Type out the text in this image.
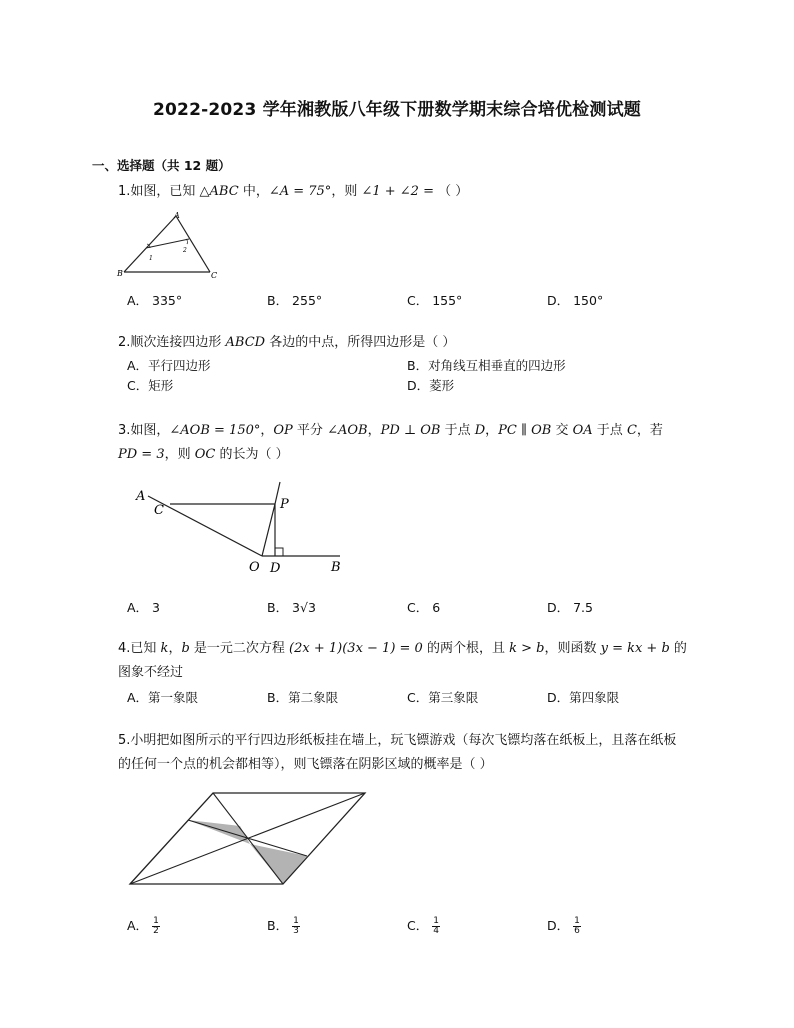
2022-2023 学年湘教版八年级下册数学期末综合培优检测试题
一、选择题（共 12 题）
1.如图，已知 △ABC 中，∠A = 75°，则 ∠1 + ∠2 = （ ）
A
B	C
1
2
A． 335°	B． 255°	C． 155°	D． 150°
2.顺次连接四边形 ABCD 各边的中点，所得四边形是（ ）
A．平行四边形	B．对角线互相垂直的四边形
C．矩形	D．菱形
3.如图，∠AOB = 150°，OP 平分 ∠AOB，PD ⊥ OB 于点 D，PC ∥ OB 交 OA 于点 C，若
PD = 3，则 OC 的长为（ ）
A
C	P
O D	B
A． 3	B． 3√3	C． 6	D． 7.5
4.已知 k，b 是一元二次方程 (2x + 1)(3x − 1) = 0 的两个根，且 k > b，则函数 y = kx + b 的
图象不经过
A．第一象限	B．第二象限	C．第三象限	D．第四象限
5.小明把如图所示的平行四边形纸板挂在墙上，玩飞镖游戏（每次飞镖均落在纸板上，且落在纸板
的任何一个点的机会都相等），则飞镖落在阴影区域的概率是（ ）
A． $\frac{1}{2}$	B． $\frac{1}{3}$	C． $\frac{1}{4}$	D． $\frac{1}{6}$
